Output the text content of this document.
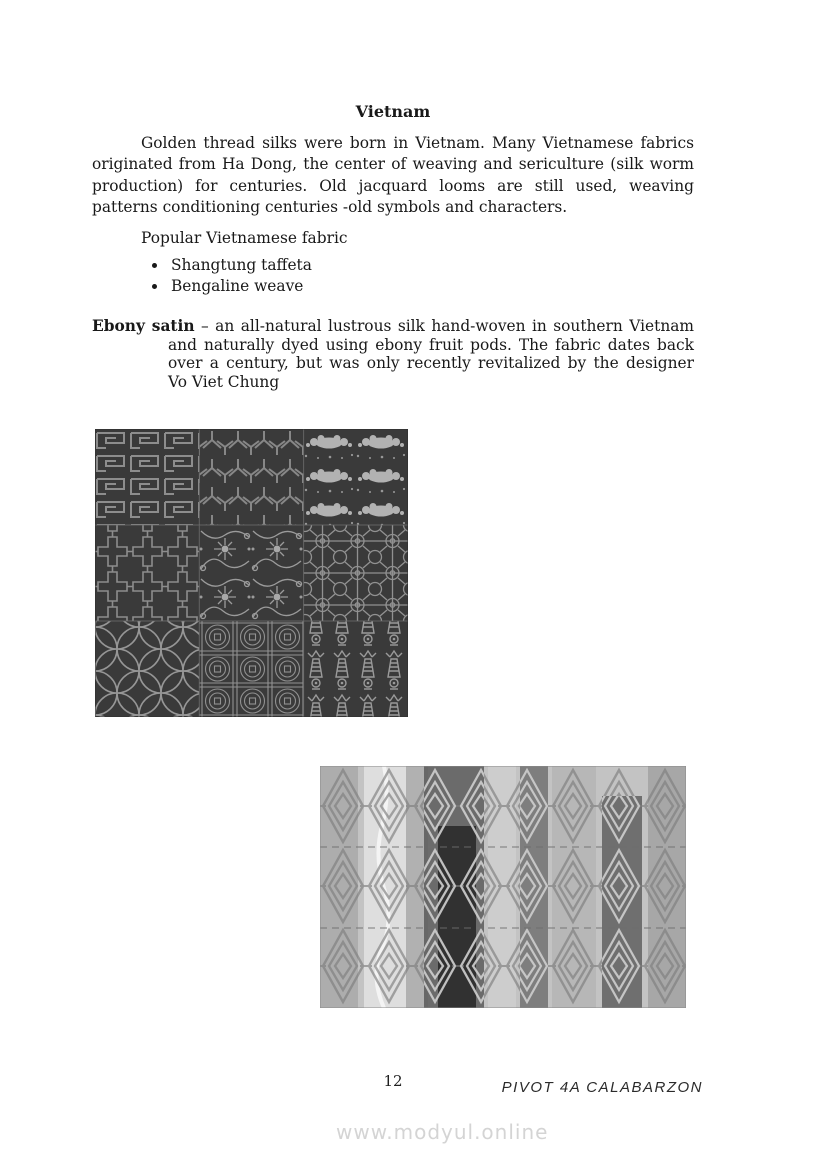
Vietnam

Golden thread silks were born in Vietnam. Many Vietnamese fabrics originated from Ha Dong, the center of weaving and sericulture (silk worm production) for centuries. Old jacquard looms are still used, weaving patterns conditioning centuries -old symbols and characters.

Popular Vietnamese fabric

• Shangtung taffeta
• Bengaline weave

Ebony satin – an all-natural lustrous silk hand-woven in southern Vietnam and naturally dyed using ebony fruit pods. The fabric dates back over a century, but was only recently revitalized by the designer Vo Viet Chung

12	PIVOT 4A CALABARZON
www.modyul.online
